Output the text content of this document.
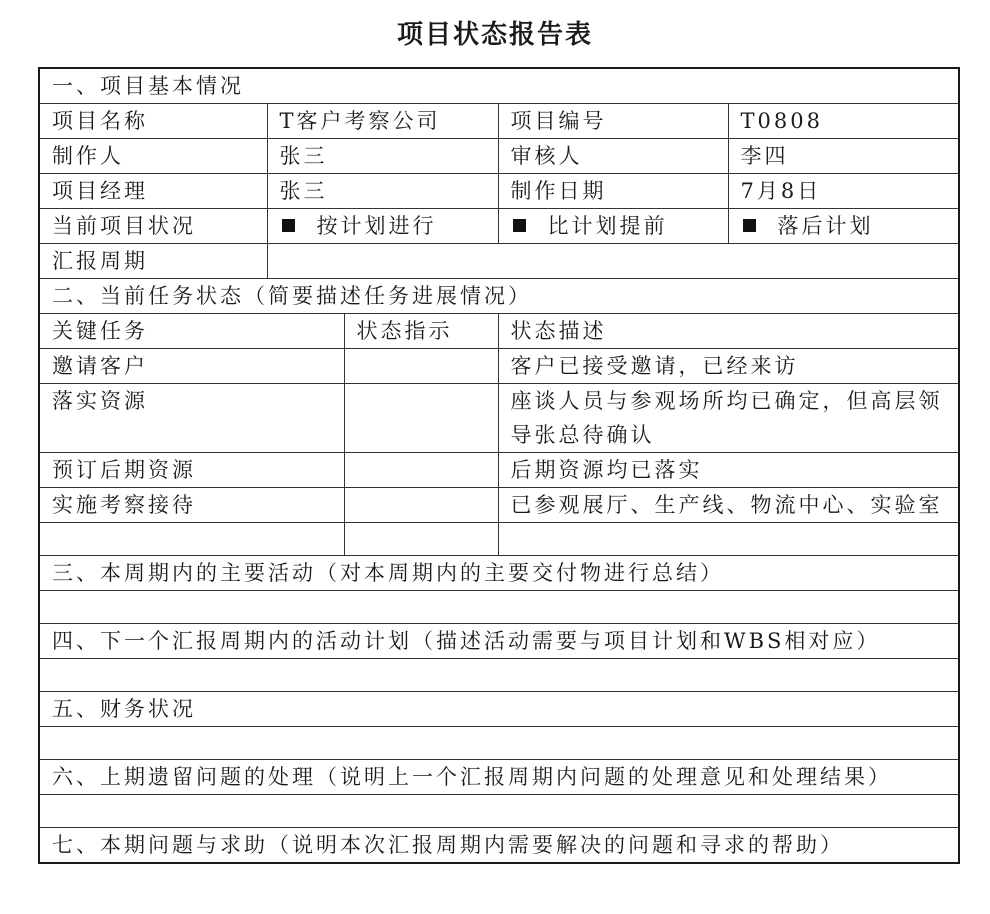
项目状态报告表
一、项目基本情况				
项目名称	T客户考察公司		项目编号	T0808
制作人	张三		审核人	李四
项目经理	张三		制作日期	7月8日
当前项目状况	按计划进行		比计划提前	落后计划
汇报周期				
二、当前任务状态（简要描述任务进展情况）				
关键任务		状态指示	状态描述	
邀请客户			客户已接受邀请，已经来访	
落实资源			座谈人员与参观场所均已确定，但高层领导张总待确认	
预订后期资源			后期资源均已落实	
实施考察接待			已参观展厅、生产线、物流中心、实验室	

三、本周期内的主要活动（对本周期内的主要交付物进行总结）				

四、下一个汇报周期内的活动计划（描述活动需要与项目计划和WBS相对应）				

五、财务状况				

六、上期遗留问题的处理（说明上一个汇报周期内问题的处理意见和处理结果）				

七、本期问题与求助（说明本次汇报周期内需要解决的问题和寻求的帮助）				
